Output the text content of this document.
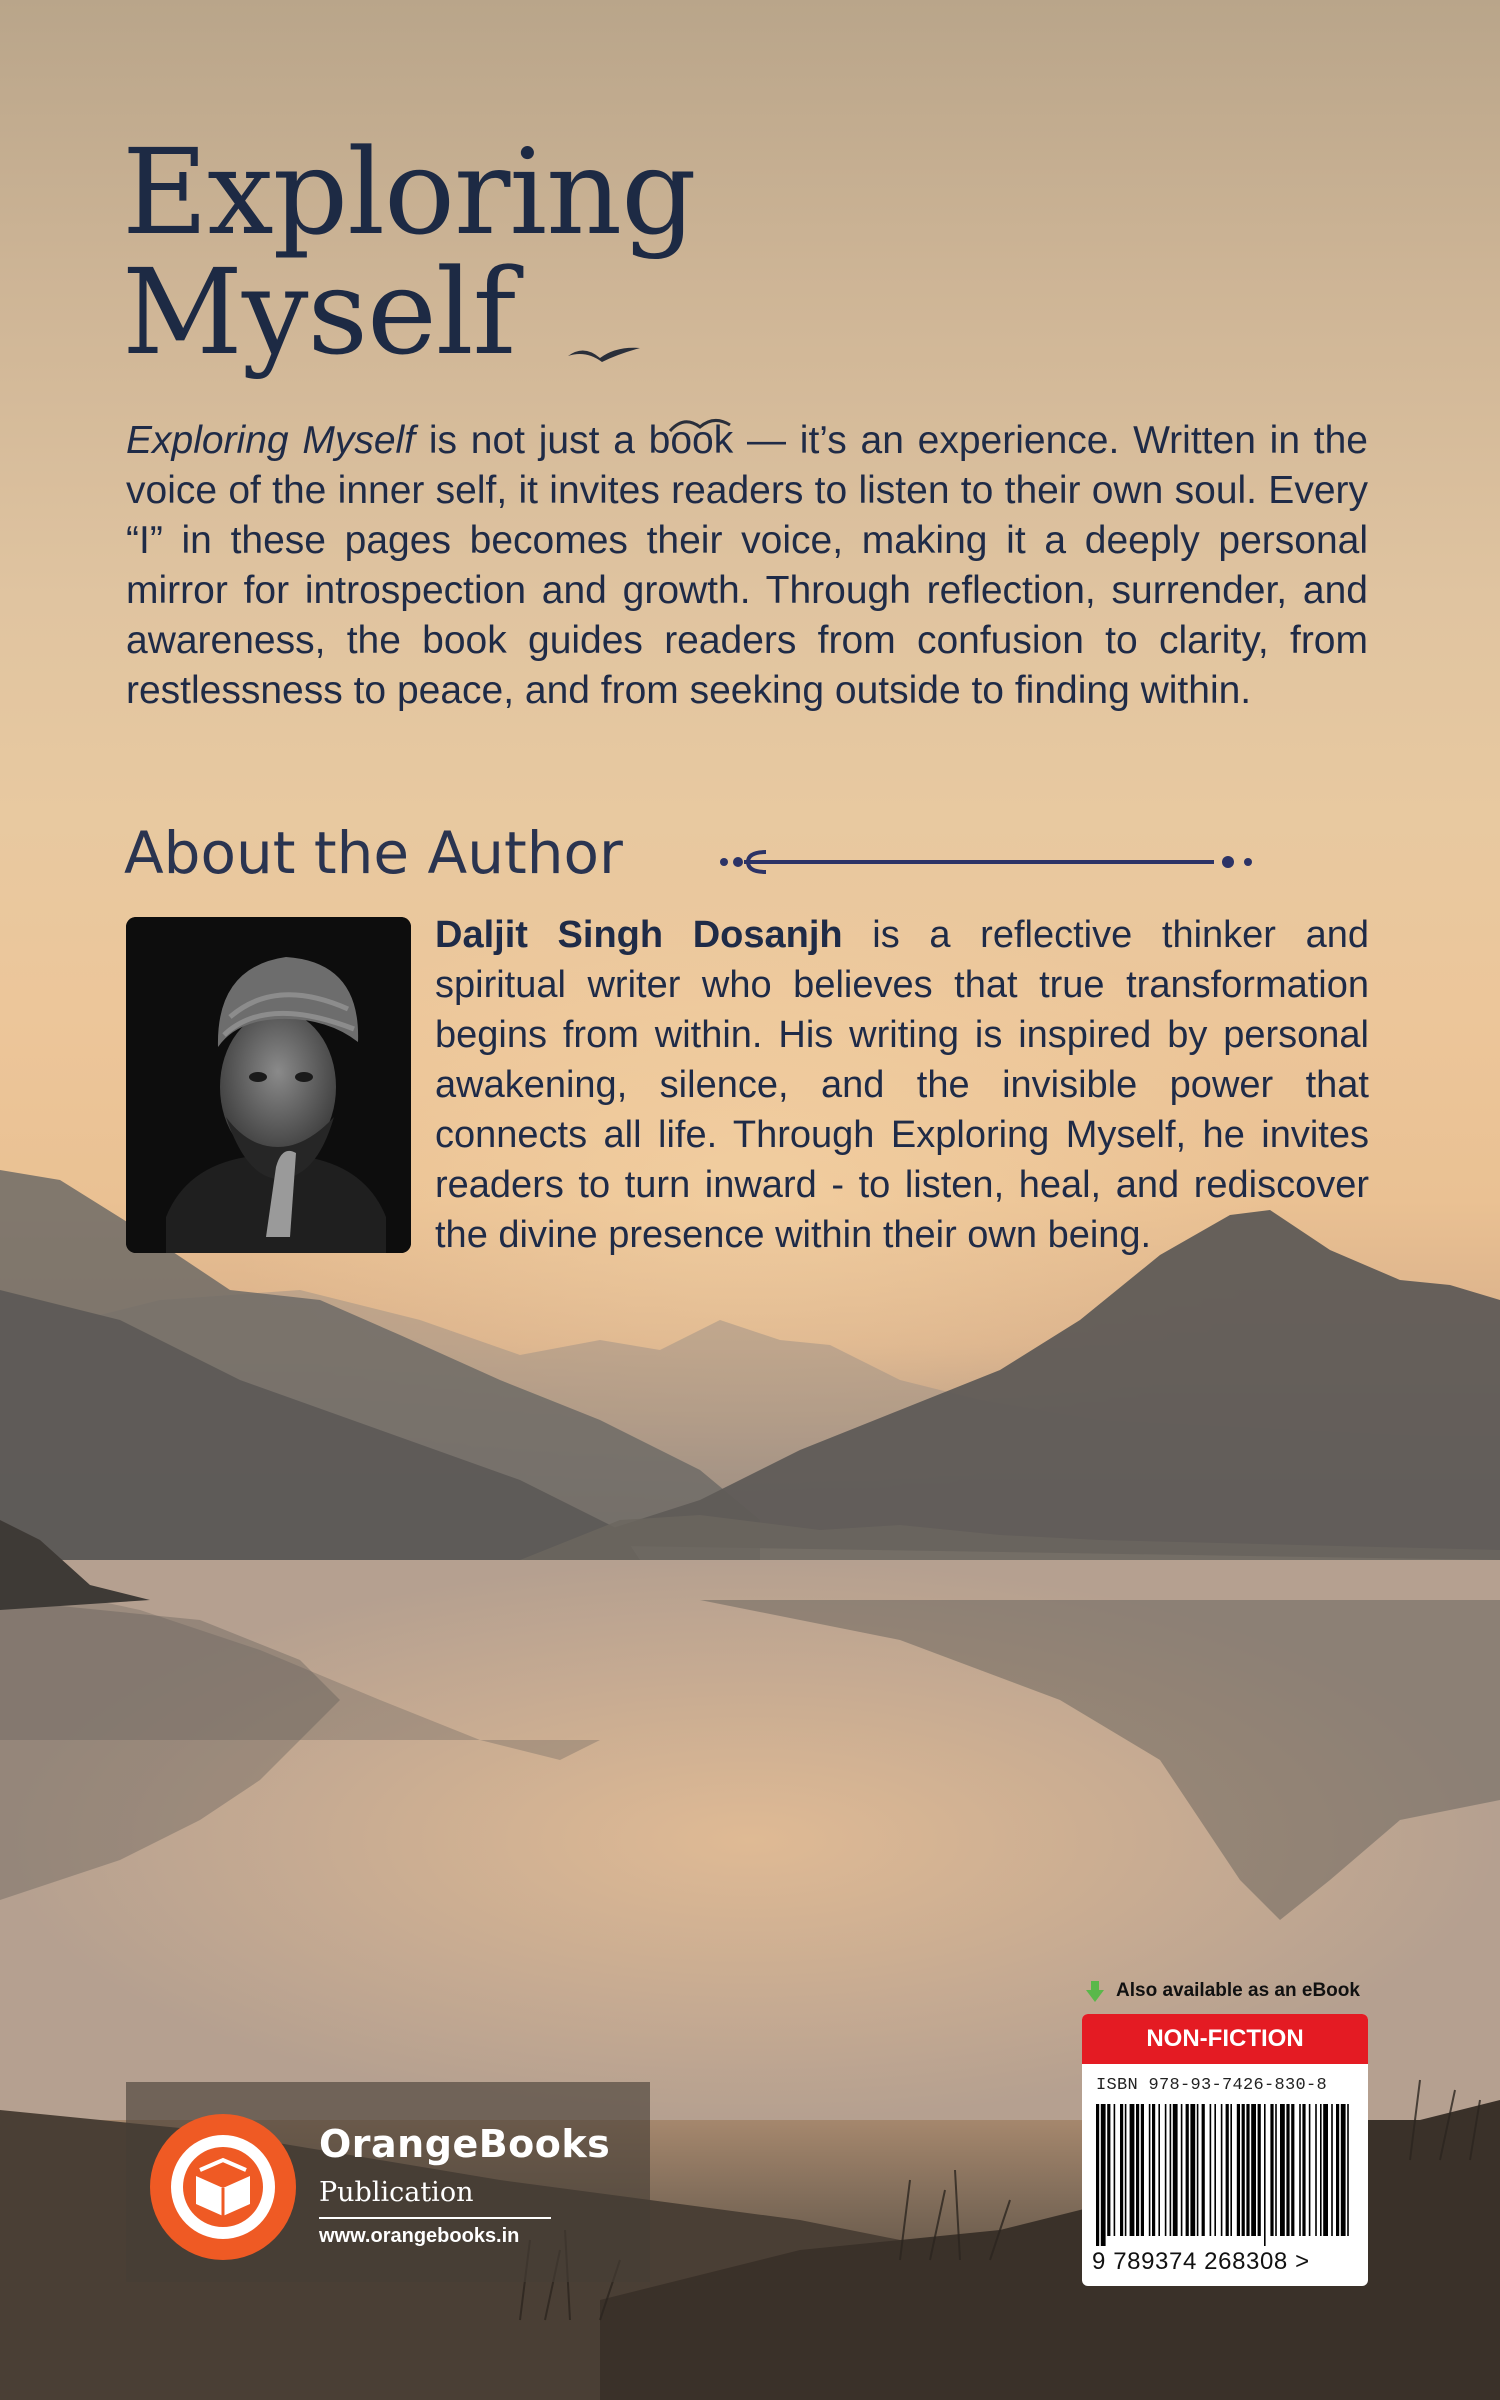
Exploring
Myself

Exploring Myself is not just a book — it’s an experience. Written in the voice of the inner self, it invites readers to listen to their own soul. Every “I” in these pages becomes their voice, making it a deeply personal mirror for introspection and growth. Through reflection, surrender, and awareness, the book guides readers from confusion to clarity, from restlessness to peace, and from seeking outside to finding within.

About the Author

Daljit Singh Dosanjh is a reflective thinker and spiritual writer who believes that true transformation begins from within. His writing is inspired by personal awakening, silence, and the invisible power that connects all life. Through Exploring Myself, he invites readers to turn inward - to listen, heal, and rediscover the divine presence within their own being.

OrangeBooks
Publication
www.orangebooks.in
Also available as an eBook
NON-FICTION
ISBN 978-93-7426-830-8
9 789374 268308 >
